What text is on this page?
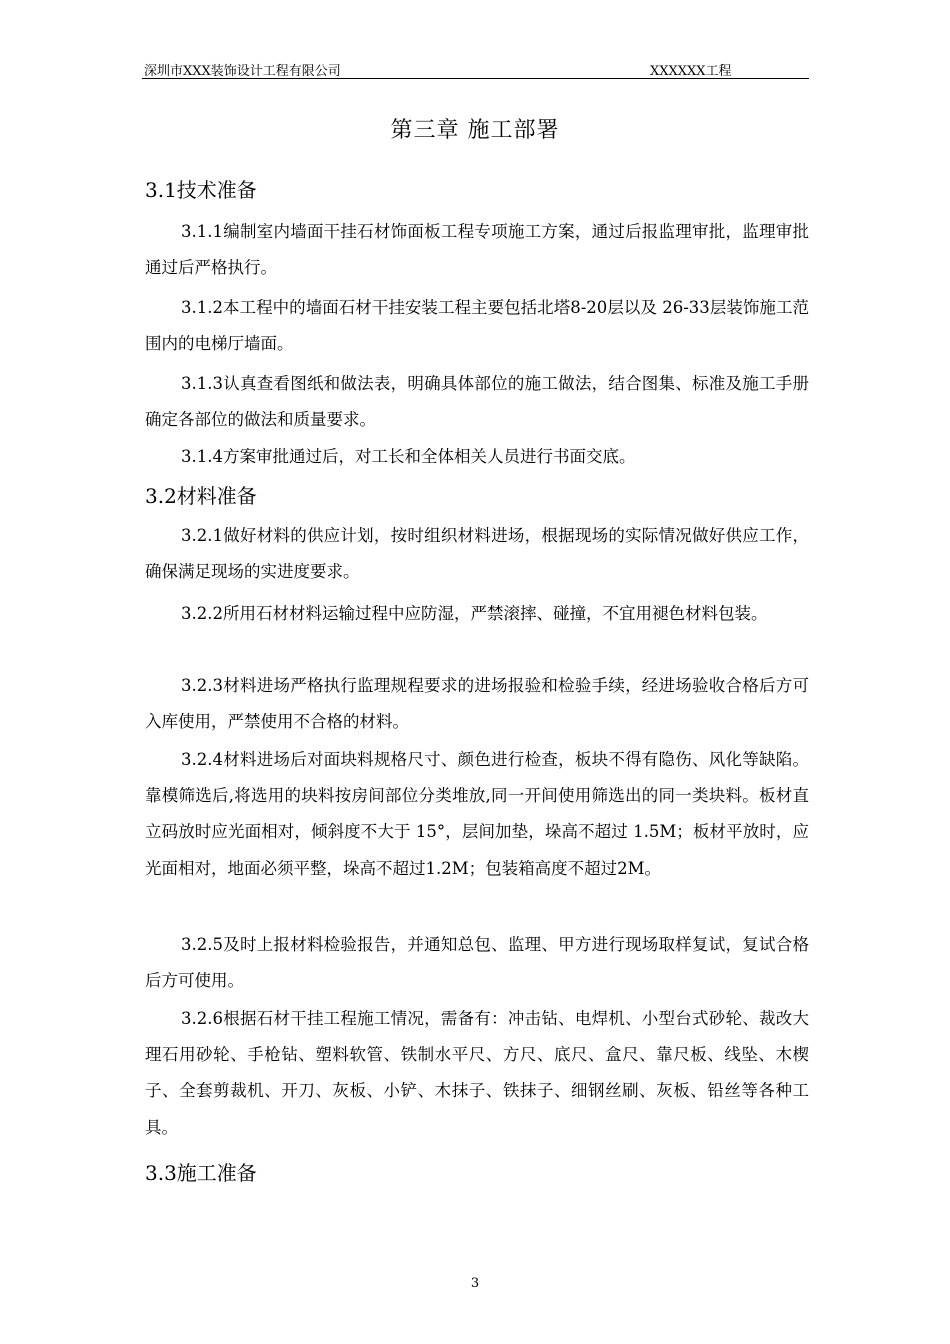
深圳市XXX装饰设计工程有限公司	XXXXXX工程
第三章 施工部署
3.1技术准备
3.1.1编制室内墙面干挂石材饰面板工程专项施工方案，通过后报监理审批，监理审批通过后严格执行。
3.1.2本工程中的墙面石材干挂安装工程主要包括北塔8-20层以及 26-33层装饰施工范围内的电梯厅墙面。
3.1.3认真查看图纸和做法表，明确具体部位的施工做法，结合图集、标准及施工手册确定各部位的做法和质量要求。
3.1.4方案审批通过后，对工长和全体相关人员进行书面交底。
3.2材料准备
3.2.1做好材料的供应计划，按时组织材料进场，根据现场的实际情况做好供应工作，确保满足现场的实进度要求。
3.2.2所用石材材料运输过程中应防湿，严禁滚摔、碰撞，不宜用褪色材料包装。
3.2.3材料进场严格执行监理规程要求的进场报验和检验手续，经进场验收合格后方可入库使用，严禁使用不合格的材料。
3.2.4材料进场后对面块料规格尺寸、颜色进行检查，板块不得有隐伤、风化等缺陷。靠模筛选后,将选用的块料按房间部位分类堆放,同一开间使用筛选出的同一类块料。板材直立码放时应光面相对，倾斜度不大于 15°，层间加垫，垛高不超过 1.5M；板材平放时，应光面相对，地面必须平整，垛高不超过1.2M；包装箱高度不超过2M。
3.2.5及时上报材料检验报告，并通知总包、监理、甲方进行现场取样复试，复试合格后方可使用。
3.2.6根据石材干挂工程施工情况，需备有：冲击钻、电焊机、小型台式砂轮、裁改大理石用砂轮、手枪钻、塑料软管、铁制水平尺、方尺、底尺、盒尺、靠尺板、线坠、木楔子、全套剪裁机、开刀、灰板、小铲、木抹子、铁抹子、细钢丝刷、灰板、铅丝等各种工具。
3.3施工准备
3
